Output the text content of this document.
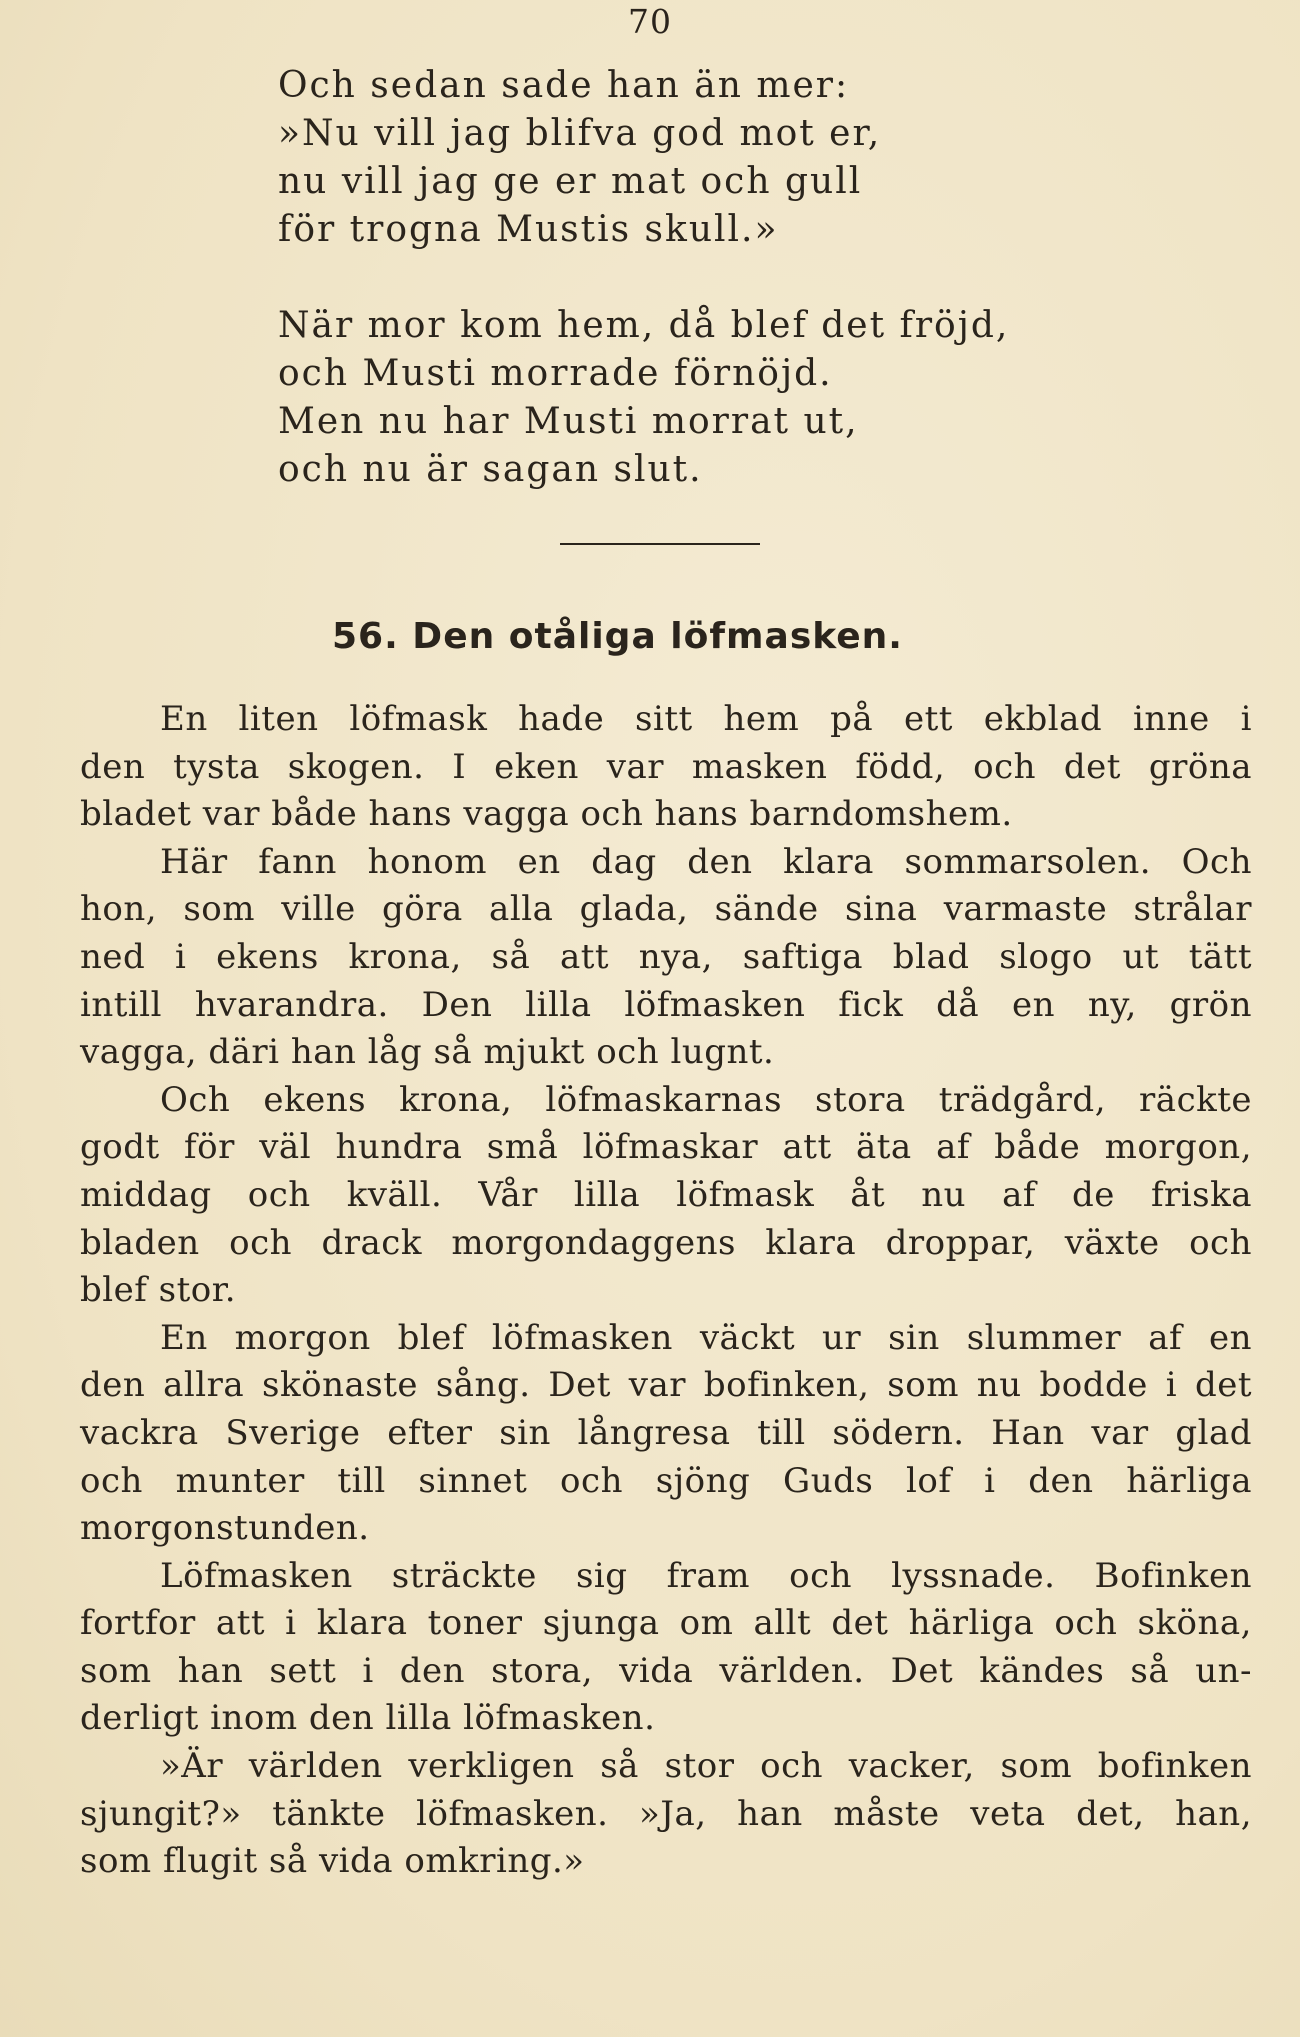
70
Och sedan sade han än mer:
»Nu vill jag blifva god mot er,
nu vill jag ge er mat och gull
för trogna Mustis skull.»
När mor kom hem, då blef det fröjd,
och Musti morrade förnöjd.
Men nu har Musti morrat ut,
och nu är sagan slut.
56. Den otåliga löfmasken.
En liten löfmask hade sitt hem på ett ekblad inne i
den tysta skogen. I eken var masken född, och det gröna
bladet var både hans vagga och hans barndomshem.
Här fann honom en dag den klara sommarsolen. Och
hon, som ville göra alla glada, sände sina varmaste strålar
ned i ekens krona, så att nya, saftiga blad slogo ut tätt
intill hvarandra. Den lilla löfmasken fick då en ny, grön
vagga, däri han låg så mjukt och lugnt.
Och ekens krona, löfmaskarnas stora trädgård, räckte
godt för väl hundra små löfmaskar att äta af både morgon,
middag och kväll. Vår lilla löfmask åt nu af de friska
bladen och drack morgondaggens klara droppar, växte och
blef stor.
En morgon blef löfmasken väckt ur sin slummer af en
den allra skönaste sång. Det var bofinken, som nu bodde i det
vackra Sverige efter sin långresa till södern. Han var glad
och munter till sinnet och sjöng Guds lof i den härliga
morgonstunden.
Löfmasken sträckte sig fram och lyssnade. Bofinken
fortfor att i klara toner sjunga om allt det härliga och sköna,
som han sett i den stora, vida världen. Det kändes så un-
derligt inom den lilla löfmasken.
»Är världen verkligen så stor och vacker, som bofinken
sjungit?» tänkte löfmasken. »Ja, han måste veta det, han,
som flugit så vida omkring.»
